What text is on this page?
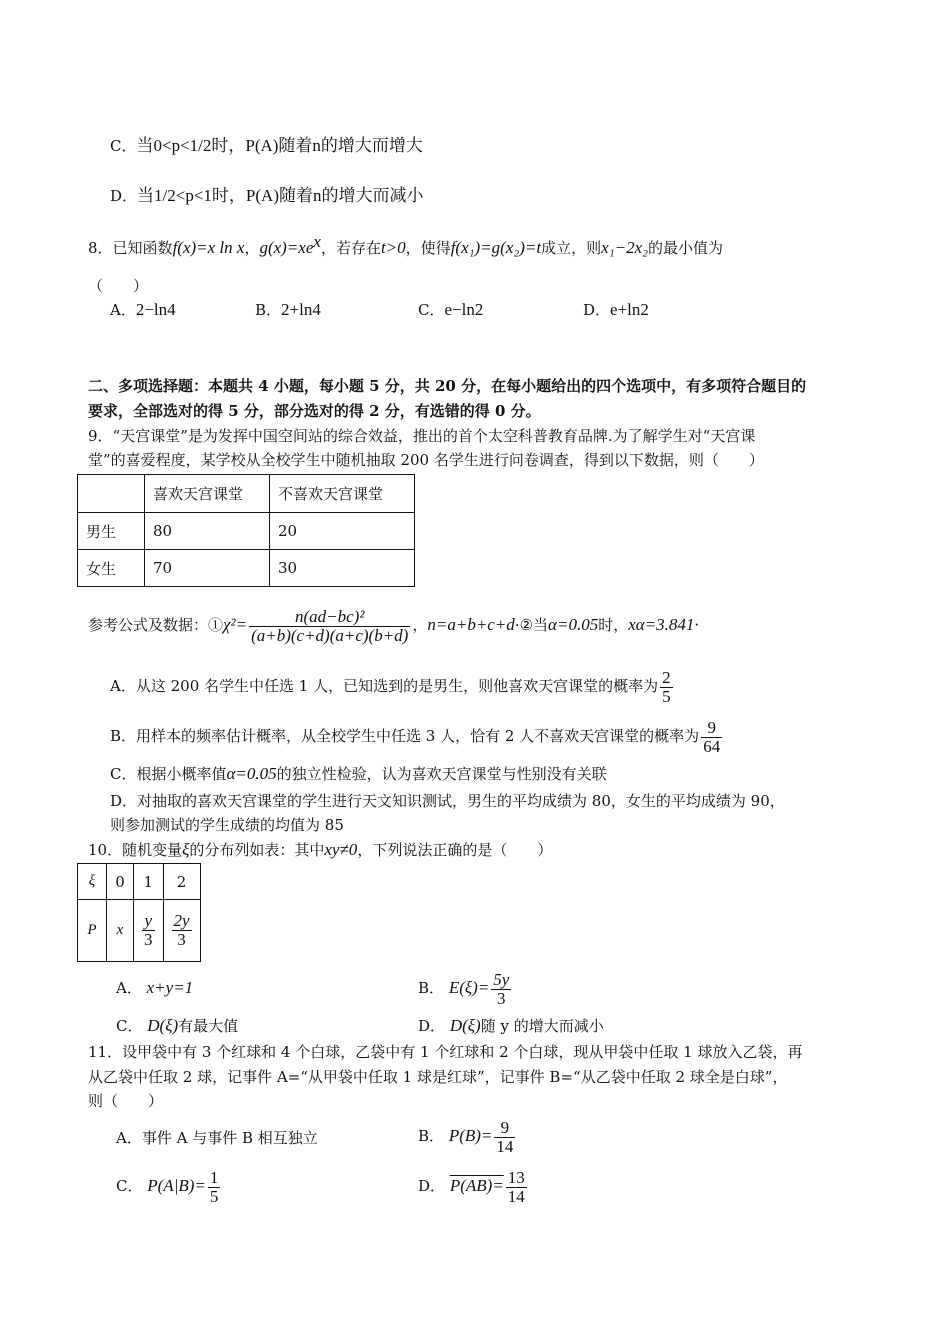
C．当0<p<1/2时，P(A)随着n的增大而增大
D．当1/2<p<1时，P(A)随着n的增大而减小
8．已知函数f(x)=x ln x，$g(x)=xe^x$，若存在t>0，使得f(x₁)=g(x₂)=t成立，则x₁−2x₂的最小值为
（　　）
A．2−ln4	B．2+ln4	C．e−ln2	D．e+ln2
二、多项选择题：本题共 4 小题，每小题 5 分，共 20 分，在每小题给出的四个选项中，有多项符合题目的
要求，全部选对的得 5 分，部分选对的得 2 分，有选错的得 0 分。
9．“天宫课堂”是为发挥中国空间站的综合效益，推出的首个太空科普教育品牌.为了解学生对“天宫课
堂”的喜爱程度，某学校从全校学生中随机抽取 200 名学生进行问卷调查，得到以下数据，则（　　）
	喜欢天宫课堂	不喜欢天宫课堂
男生	80	20
女生	70	30
参考公式及数据：①χ²= $\frac{\text{n(ad−bc)²}}{(a+b)(c+d)(a+c)(b+d)}$ ，n=a+b+c+d·②当α=0.05时，xα=3.841·
A．从这 200 名学生中任选 1 人，已知选到的是男生，则他喜欢天宫课堂的概率为 $\frac{2}{5}$
B．用样本的频率估计概率，从全校学生中任选 3 人，恰有 2 人不喜欢天宫课堂的概率为 $\frac{9}{64}$
C．根据小概率值α=0.05的独立性检验，认为喜欢天宫课堂与性别没有关联
D．对抽取的喜欢天宫课堂的学生进行天文知识测试，男生的平均成绩为 80，女生的平均成绩为 90，
则参加测试的学生成绩的均值为 85
10．随机变量ξ的分布列如表：其中xy≠0，下列说法正确的是（　　）
ξ	0	1	2
P	x	$\frac{y}{3}$	$\frac{2y}{3}$
A． x+y=1	B． $E(\xi)= \frac{5y}{3}$
C． D(ξ)有最大值	D． D(ξ)随 y 的增大而减小
11．设甲袋中有 3 个红球和 4 个白球，乙袋中有 1 个红球和 2 个白球，现从甲袋中任取 1 球放入乙袋，再
从乙袋中任取 2 球，记事件 A=“从甲袋中任取 1 球是红球”，记事件 B=“从乙袋中任取 2 球全是白球”，
则（　　）
A．事件 A 与事件 B 相互独立	B． $P(B)= \frac{9}{14}$
C． $P(A|B)= \frac{1}{5}$	D． $P(AB)= \frac{13}{14}$
